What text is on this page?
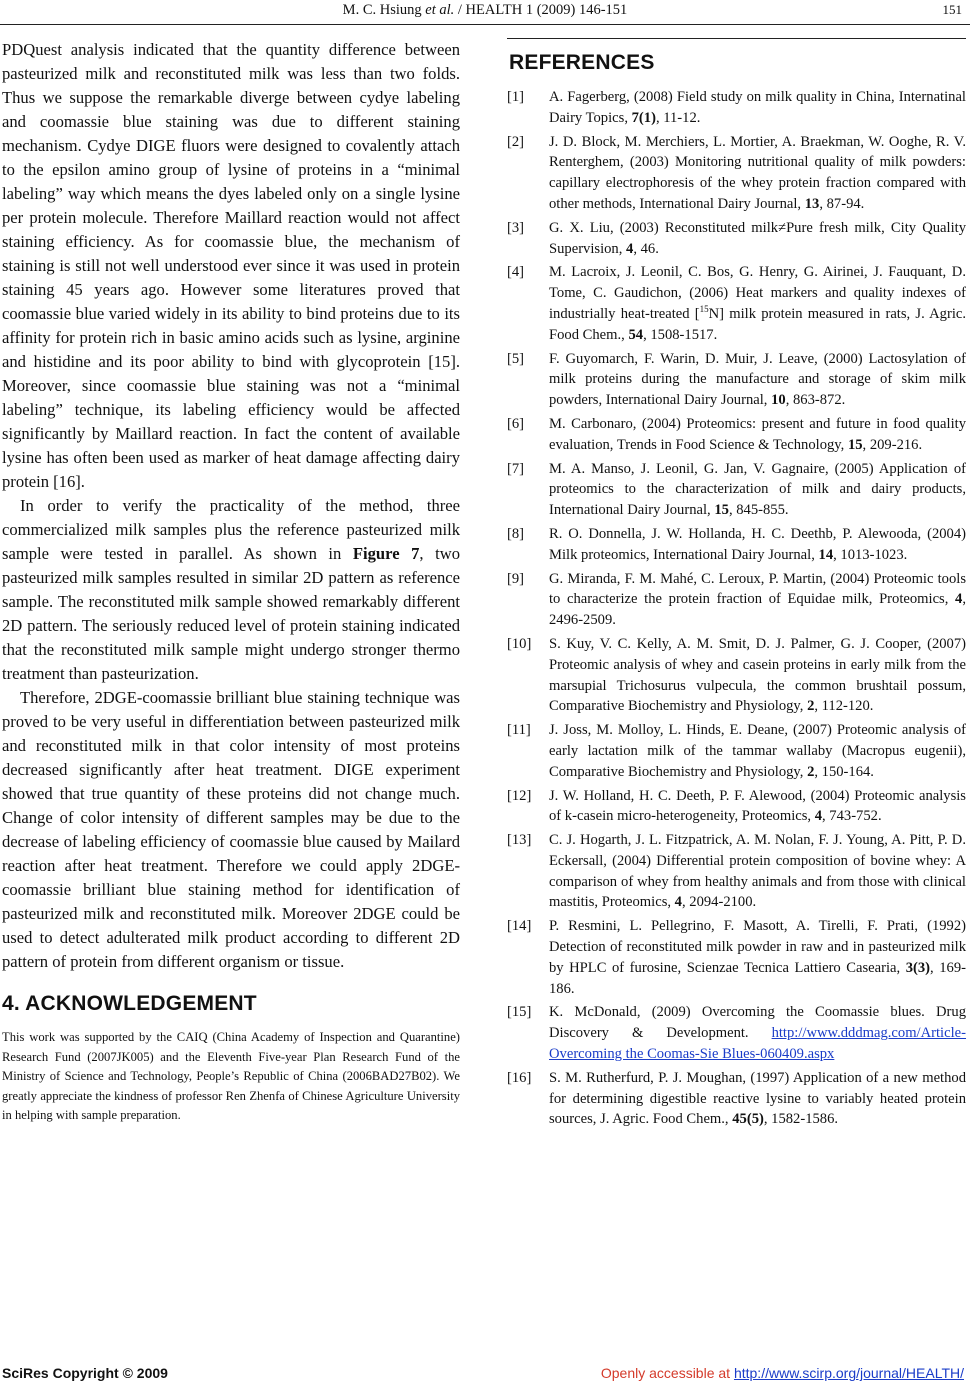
M. C. Hsiung et al. / HEALTH 1 (2009) 146-151	151

PDQuest analysis indicated that the quantity difference between pasteurized milk and reconstituted milk was less than two folds. Thus we suppose the remarkable diverge between cydye labeling and coomassie blue staining was due to different staining mechanism. Cydye DIGE fluors were designed to covalently attach to the epsilon amino group of lysine of proteins in a “minimal labeling” way which means the dyes labeled only on a single lysine per protein molecule. Therefore Maillard reaction would not affect staining efficiency. As for coomassie blue, the mechanism of staining is still not well understood ever since it was used in protein staining 45 years ago. However some literatures proved that coomassie blue varied widely in its ability to bind proteins due to its affinity for protein rich in basic amino acids such as lysine, arginine and histidine and its poor ability to bind with glycoprotein [15]. Moreover, since coomassie blue staining was not a “minimal labeling” technique, its labeling efficiency would be affected significantly by Maillard reaction. In fact the content of available lysine has often been used as marker of heat damage affecting dairy protein [16].

In order to verify the practicality of the method, three commercialized milk samples plus the reference pasteurized milk sample were tested in parallel. As shown in Figure 7, two pasteurized milk samples resulted in similar 2D pattern as reference sample. The reconstituted milk sample showed remarkably different 2D pattern. The seriously reduced level of protein staining indicated that the reconstituted milk sample might undergo stronger thermo treatment than pasteurization.

Therefore, 2DGE-coomassie brilliant blue staining technique was proved to be very useful in differentiation between pasteurized milk and reconstituted milk in that color intensity of most proteins decreased significantly after heat treatment. DIGE experiment showed that true quantity of these proteins did not change much. Change of color intensity of different samples may be due to the decrease of labeling efficiency of coomassie blue caused by Mailard reaction after heat treatment. Therefore we could apply 2DGE-coomassie brilliant blue staining method for identification of pasteurized milk and reconstituted milk. Moreover 2DGE could be used to detect adulterated milk product according to different 2D pattern of protein from different organism or tissue.

4. ACKNOWLEDGEMENT

This work was supported by the CAIQ (China Academy of Inspection and Quarantine) Research Fund (2007JK005) and the Eleventh Five-year Plan Research Fund of the Ministry of Science and Technology, People’s Republic of China (2006BAD27B02). We greatly appreciate the kindness of professor Ren Zhenfa of Chinese Agriculture University in helping with sample preparation.

REFERENCES
[1] A. Fagerberg, (2008) Field study on milk quality in China, Internatinal Dairy Topics, 7(1), 11-12.
[2] J. D. Block, M. Merchiers, L. Mortier, A. Braekman, W. Ooghe, R. V. Renterghem, (2003) Monitoring nutritional quality of milk powders: capillary electrophoresis of the whey protein fraction compared with other methods, International Dairy Journal, 13, 87-94.
[3] G. X. Liu, (2003) Reconstituted milk≠Pure fresh milk, City Quality Supervision, 4, 46.
[4] M. Lacroix, J. Leonil, C. Bos, G. Henry, G. Airinei, J. Fauquant, D. Tome, C. Gaudichon, (2006) Heat markers and quality indexes of industrially heat-treated [$^{15}$N] milk protein measured in rats, J. Agric. Food Chem., 54, 1508-1517.
[5] F. Guyomarch, F. Warin, D. Muir, J. Leave, (2000) Lactosylation of milk proteins during the manufacture and storage of skim milk powders, International Dairy Journal, 10, 863-872.
[6] M. Carbonaro, (2004) Proteomics: present and future in food quality evaluation, Trends in Food Science & Technology, 15, 209-216.
[7] M. A. Manso, J. Leonil, G. Jan, V. Gagnaire, (2005) Application of proteomics to the characterization of milk and dairy products, International Dairy Journal, 15, 845-855.
[8] R. O. Donnella, J. W. Hollanda, H. C. Deethb, P. Alewooda, (2004) Milk proteomics, International Dairy Journal, 14, 1013-1023.
[9] G. Miranda, F. M. Mahé, C. Leroux, P. Martin, (2004) Proteomic tools to characterize the protein fraction of Equidae milk, Proteomics, 4, 2496-2509.
[10] S. Kuy, V. C. Kelly, A. M. Smit, D. J. Palmer, G. J. Cooper, (2007) Proteomic analysis of whey and casein proteins in early milk from the marsupial Trichosurus vulpecula, the common brushtail possum, Comparative Biochemistry and Physiology, 2, 112-120.
[11] J. Joss, M. Molloy, L. Hinds, E. Deane, (2007) Proteomic analysis of early lactation milk of the tammar wallaby (Macropus eugenii), Comparative Biochemistry and Physiology, 2, 150-164.
[12] J. W. Holland, H. C. Deeth, P. F. Alewood, (2004) Proteomic analysis of k-casein micro-heterogeneity, Proteomics, 4, 743-752.
[13] C. J. Hogarth, J. L. Fitzpatrick, A. M. Nolan, F. J. Young, A. Pitt, P. D. Eckersall, (2004) Differential protein composition of bovine whey: A comparison of whey from healthy animals and from those with clinical mastitis, Proteomics, 4, 2094-2100.
[14] P. Resmini, L. Pellegrino, F. Masott, A. Tirelli, F. Prati, (1992) Detection of reconstituted milk powder in raw and in pasteurized milk by HPLC of furosine, Scienzae Tecnica Lattiero Casearia, 3(3), 169-186.
[15] K. McDonald, (2009) Overcoming the Coomassie blues. Drug Discovery & Development. http://www.dddmag.com/Article-Overcoming the Coomas-Sie Blues-060409.aspx
[16] S. M. Rutherfurd, P. J. Moughan, (1997) Application of a new method for determining digestible reactive lysine to variably heated protein sources, J. Agric. Food Chem., 45(5), 1582-1586.
SciRes Copyright © 2009	Openly accessible at http://www.scirp.org/journal/HEALTH/
